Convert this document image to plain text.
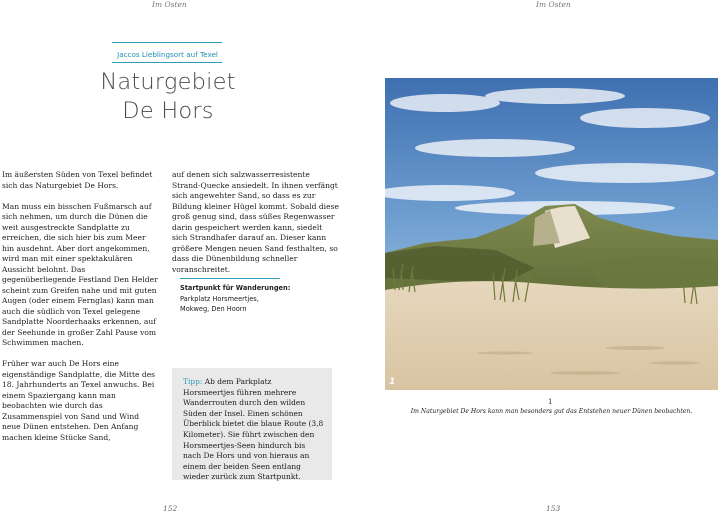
Im Osten	Im Osten
Jaccos Lieblingsort auf Texel
Naturgebiet
De Hors

Im äußersten Süden von Texel befindet sich das Naturgebiet De Hors.

Man muss ein bisschen Fußmarsch auf sich nehmen, um durch die Dünen die weit ausgestreckte Sandplatte zu erreichen, die sich hier bis zum Meer hin ausdehnt. Aber dort angekommen, wird man mit einer spektakulären Aussicht belohnt. Das gegenüberliegende Festland Den Helder scheint zum Greifen nahe und mit guten Augen (oder einem Fernglas) kann man auch die südlich von Texel gelegene Sandplatte Noorderhaaks erkennen, auf der Seehunde in großer Zahl Pause vom Schwimmen machen.

Früher war auch De Hors eine eigenständige Sandplatte, die Mitte des 18. Jahrhunderts an Texel anwuchs. Bei einem Spaziergang kann man beobachten wie durch das Zusammenspiel von Sand und Wind neue Dünen entstehen. Den Anfang machen kleine Stücke Sand,

auf denen sich salzwasserresistente Strand-Quecke ansiedelt. In ihnen verfängt sich angewehter Sand, so dass es zur Bildung kleiner Hügel kommt. Sobald diese groß genug sind, dass süßes Regenwasser darin gespeichert werden kann, siedelt sich Strandhafer darauf an. Dieser kann größere Mengen neuen Sand festhalten, so dass die Dünenbildung schneller voranschreitet.

Startpunkt für Wanderungen:
Parkplatz Horsmeertjes,
Mokweg, Den Hoorn
Tipp: Ab dem Parkplatz Horsmeertjes führen mehrere Wanderrouten durch den wilden Süden der Insel. Einen schönen Überblick bietet die blaue Route (3,8 Kilometer). Sie führt zwischen den Horsmeertjes-Seen hindurch bis nach De Hors und von hieraus an einem der beiden Seen entlang wieder zurück zum Startpunkt.
1
1
Im Naturgebiet De Hors kann man besonders gut das Entstehen neuer Dünen beobachten.
152	153
